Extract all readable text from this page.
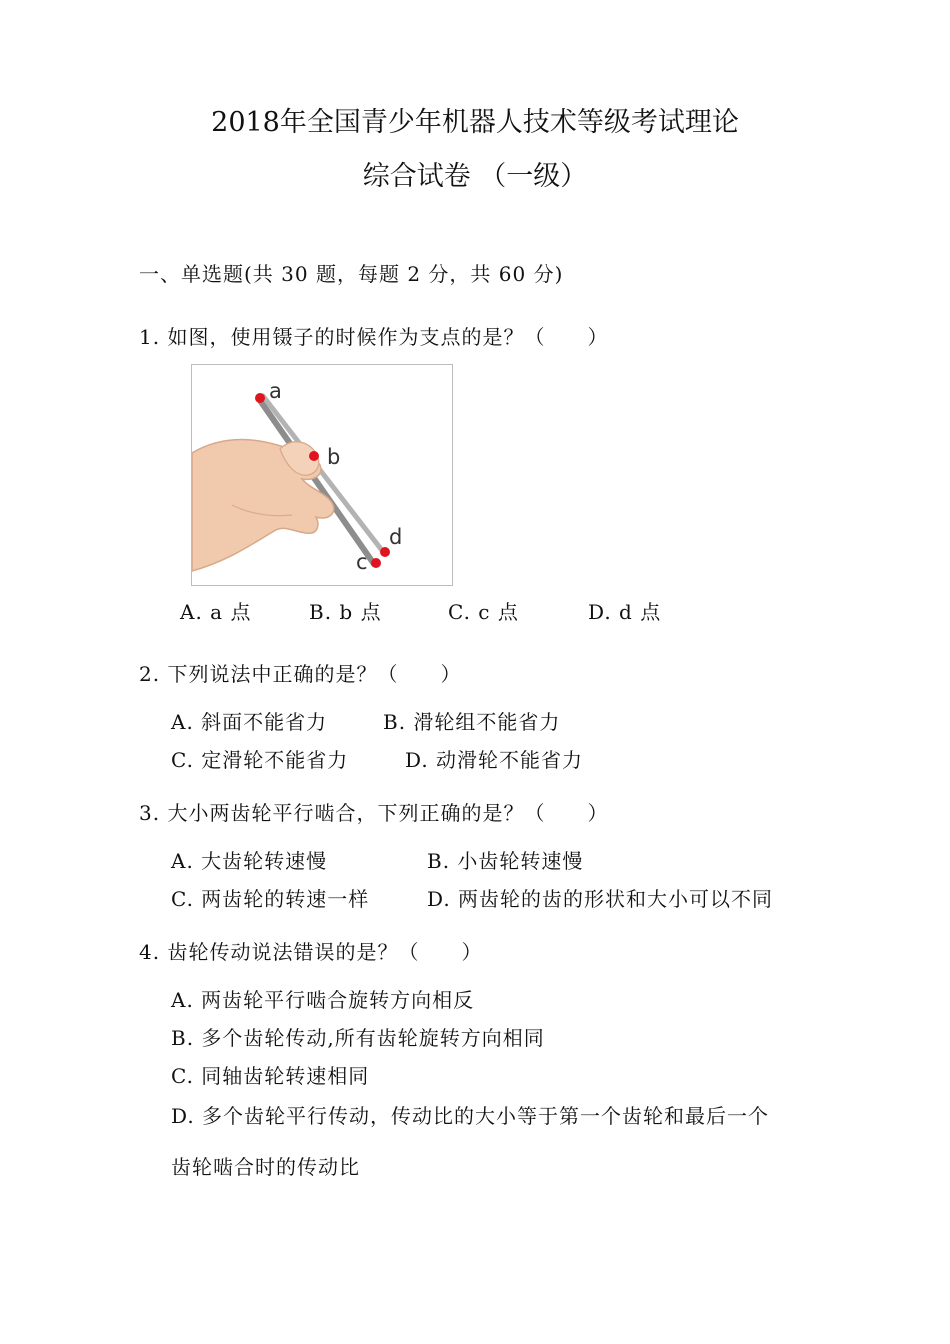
2018年全国青少年机器人技术等级考试理论
综合试卷 （一级）
一、单选题(共 30 题，每题 2 分，共 60 分)
1. 如图，使用镊子的时候作为支点的是？（　　）
a
b
c
d
A. a 点	B. b 点	C. c 点	D. d 点
2. 下列说法中正确的是？（　　）
A. 斜面不能省力	B. 滑轮组不能省力
C. 定滑轮不能省力	D. 动滑轮不能省力
3. 大小两齿轮平行啮合，下列正确的是？（　　）
A. 大齿轮转速慢	B. 小齿轮转速慢
C. 两齿轮的转速一样	D. 两齿轮的齿的形状和大小可以不同
4. 齿轮传动说法错误的是？（　　）
A. 两齿轮平行啮合旋转方向相反
B. 多个齿轮传动,所有齿轮旋转方向相同
C. 同轴齿轮转速相同
D. 多个齿轮平行传动，传动比的大小等于第一个齿轮和最后一个
齿轮啮合时的传动比
